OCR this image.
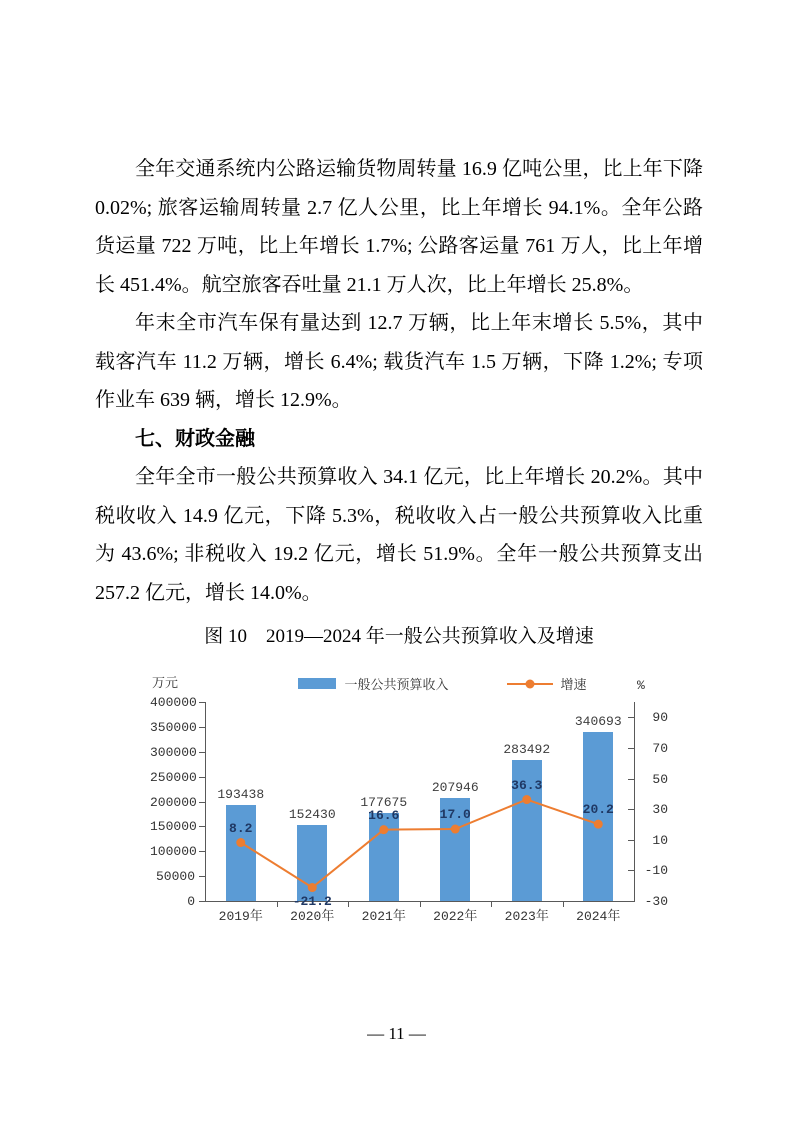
全年交通系统内公路运输货物周转量 16.9 亿吨公里，比上年下降 0.02%; 旅客运输周转量 2.7 亿人公里，比上年增长 94.1%。全年公路货运量 722 万吨，比上年增长 1.7%; 公路客运量 761 万人，比上年增长 451.4%。航空旅客吞吐量 21.1 万人次，比上年增长 25.8%。

年末全市汽车保有量达到 12.7 万辆，比上年末增长 5.5%，其中载客汽车 11.2 万辆，增长 6.4%; 载货汽车 1.5 万辆，下降 1.2%; 专项作业车 639 辆，增长 12.9%。

七、财政金融

全年全市一般公共预算收入 34.1 亿元，比上年增长 20.2%。其中税收收入 14.9 亿元，下降 5.3%，税收收入占一般公共预算收入比重为 43.6%; 非税收入 19.2 亿元，增长 51.9%。全年一般公共预算支出 257.2 亿元，增长 14.0%。

图 10　2019—2024 年一般公共预算收入及增速

万元	%
一般公共预算收入	增速
400000
350000
300000
250000
200000
150000
100000
50000
0
90
70
50
30
10
-10
-30
193438
2019年
152430
2020年
177675
2021年
207946
2022年
283492
2023年
340693
2024年
8.2
-21.2
16.6	17.0
36.3
20.2
— 11 —
